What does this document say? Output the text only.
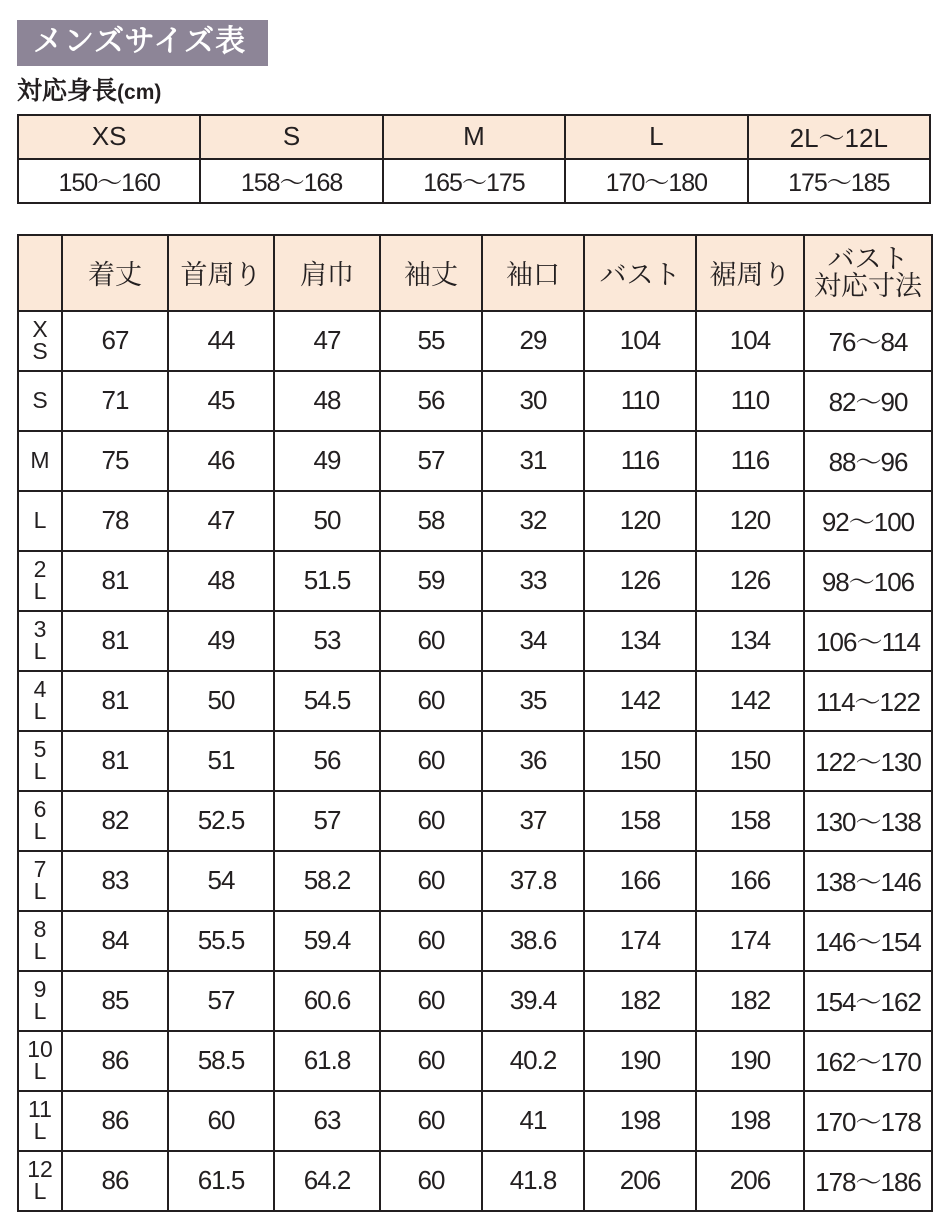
メンズサイズ表
対応身長(cm)
XS	S	M	L	2L〜12L
150〜160	158〜168	165〜175	170〜180	175〜185
	着丈	首周り	肩巾	袖丈	袖口	バスト	裾周り	バスト
対応寸法

X
S	67	44	47	55	29	104	104	76〜84

S	71	45	48	56	30	110	110	82〜90

M	75	46	49	57	31	116	116	88〜96

L	78	47	50	58	32	120	120	92〜100

2
L	81	48	51.5	59	33	126	126	98〜106

3
L	81	49	53	60	34	134	134	106〜114

4
L	81	50	54.5	60	35	142	142	114〜122

5
L	81	51	56	60	36	150	150	122〜130

6
L	82	52.5	57	60	37	158	158	130〜138

7
L	83	54	58.2	60	37.8	166	166	138〜146

8
L	84	55.5	59.4	60	38.6	174	174	146〜154

9
L	85	57	60.6	60	39.4	182	182	154〜162

10
L	86	58.5	61.8	60	40.2	190	190	162〜170

11
L	86	60	63	60	41	198	198	170〜178

12
L	86	61.5	64.2	60	41.8	206	206	178〜186
